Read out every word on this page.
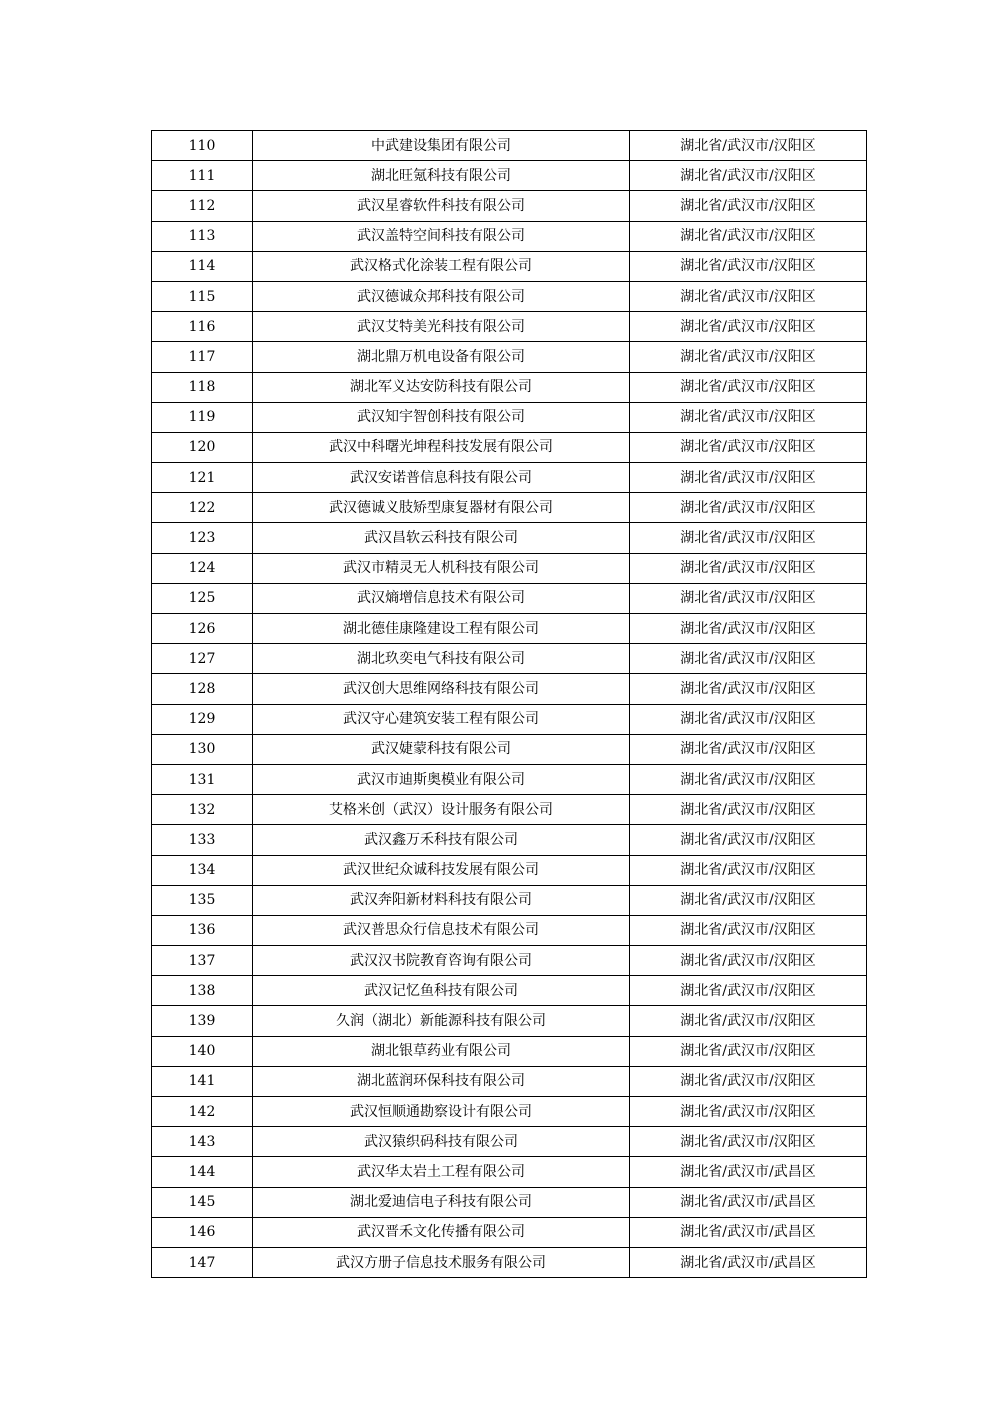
110	中武建设集团有限公司	湖北省/武汉市/汉阳区
111	湖北旺氪科技有限公司	湖北省/武汉市/汉阳区
112	武汉星睿软件科技有限公司	湖北省/武汉市/汉阳区
113	武汉盖特空间科技有限公司	湖北省/武汉市/汉阳区
114	武汉格式化涂装工程有限公司	湖北省/武汉市/汉阳区
115	武汉德诚众邦科技有限公司	湖北省/武汉市/汉阳区
116	武汉艾特美光科技有限公司	湖北省/武汉市/汉阳区
117	湖北鼎万机电设备有限公司	湖北省/武汉市/汉阳区
118	湖北军义达安防科技有限公司	湖北省/武汉市/汉阳区
119	武汉知宇智创科技有限公司	湖北省/武汉市/汉阳区
120	武汉中科曙光坤程科技发展有限公司	湖北省/武汉市/汉阳区
121	武汉安诺普信息科技有限公司	湖北省/武汉市/汉阳区
122	武汉德诚义肢矫型康复器材有限公司	湖北省/武汉市/汉阳区
123	武汉昌软云科技有限公司	湖北省/武汉市/汉阳区
124	武汉市精灵无人机科技有限公司	湖北省/武汉市/汉阳区
125	武汉熵增信息技术有限公司	湖北省/武汉市/汉阳区
126	湖北德佳康隆建设工程有限公司	湖北省/武汉市/汉阳区
127	湖北玖奕电气科技有限公司	湖北省/武汉市/汉阳区
128	武汉创大思维网络科技有限公司	湖北省/武汉市/汉阳区
129	武汉守心建筑安装工程有限公司	湖北省/武汉市/汉阳区
130	武汉婕蒙科技有限公司	湖北省/武汉市/汉阳区
131	武汉市迪斯奥模业有限公司	湖北省/武汉市/汉阳区
132	艾格米创（武汉）设计服务有限公司	湖北省/武汉市/汉阳区
133	武汉鑫万禾科技有限公司	湖北省/武汉市/汉阳区
134	武汉世纪众诚科技发展有限公司	湖北省/武汉市/汉阳区
135	武汉奔阳新材料科技有限公司	湖北省/武汉市/汉阳区
136	武汉普思众行信息技术有限公司	湖北省/武汉市/汉阳区
137	武汉汉书院教育咨询有限公司	湖北省/武汉市/汉阳区
138	武汉记忆鱼科技有限公司	湖北省/武汉市/汉阳区
139	久润（湖北）新能源科技有限公司	湖北省/武汉市/汉阳区
140	湖北银草药业有限公司	湖北省/武汉市/汉阳区
141	湖北蓝润环保科技有限公司	湖北省/武汉市/汉阳区
142	武汉恒顺通勘察设计有限公司	湖北省/武汉市/汉阳区
143	武汉猿织码科技有限公司	湖北省/武汉市/汉阳区
144	武汉华太岩土工程有限公司	湖北省/武汉市/武昌区
145	湖北爱迪信电子科技有限公司	湖北省/武汉市/武昌区
146	武汉晋禾文化传播有限公司	湖北省/武汉市/武昌区
147	武汉方册子信息技术服务有限公司	湖北省/武汉市/武昌区
